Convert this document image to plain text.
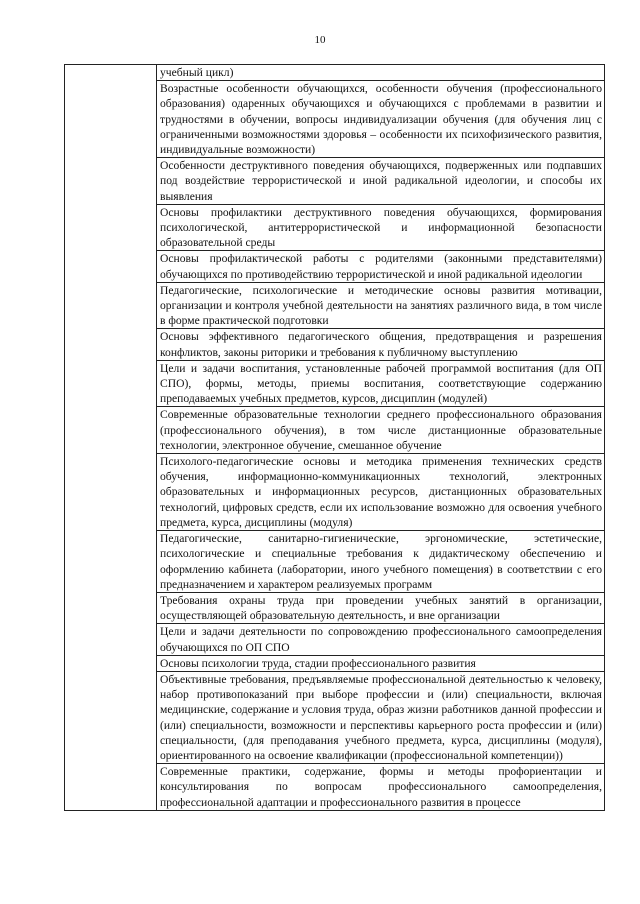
10
	учебный цикл)
Возрастные особенности обучающихся, особенности обучения (профессионального образования) одаренных обучающихся и обучающихся с проблемами в развитии и трудностями в обучении, вопросы индивидуализации обучения (для обучения лиц с ограниченными возможностями здоровья – особенности их психофизического развития, индивидуальные возможности)
Особенности деструктивного поведения обучающихся, подверженных или подпавших под воздействие террористической и иной радикальной идеологии, и способы их выявления
Основы профилактики деструктивного поведения обучающихся, формирования психологической, антитеррористической и информационной безопасности образовательной среды
Основы профилактической работы с родителями (законными представителями) обучающихся по противодействию террористической и иной радикальной идеологии
Педагогические, психологические и методические основы развития мотивации, организации и контроля учебной деятельности на занятиях различного вида, в том числе в форме практической подготовки
Основы эффективного педагогического общения, предотвращения и разрешения конфликтов, законы риторики и требования к публичному выступлению
Цели и задачи воспитания, установленные рабочей программой воспитания (для ОП СПО), формы, методы, приемы воспитания, соответствующие содержанию преподаваемых учебных предметов, курсов, дисциплин (модулей)
Современные образовательные технологии среднего профессионального образования (профессионального обучения), в том числе дистанционные образовательные технологии, электронное обучение, смешанное обучение
Психолого-педагогические основы и методика применения технических средств обучения, информационно-коммуникационных технологий, электронных образовательных и информационных ресурсов, дистанционных образовательных технологий, цифровых средств, если их использование возможно для освоения учебного предмета, курса, дисциплины (модуля)
Педагогические, санитарно-гигиенические, эргономические, эстетические, психологические и специальные требования к дидактическому обеспечению и оформлению кабинета (лаборатории, иного учебного помещения) в соответствии с его предназначением и характером реализуемых программ
Требования охраны труда при проведении учебных занятий в организации, осуществляющей образовательную деятельность, и вне организации
Цели и задачи деятельности по сопровождению профессионального самоопределения обучающихся по ОП СПО
Основы психологии труда, стадии профессионального развития
Объективные требования, предъявляемые профессиональной деятельностью к человеку, набор противопоказаний при выборе профессии и (или) специальности, включая медицинские, содержание и условия труда, образ жизни работников данной профессии и (или) специальности, возможности и перспективы карьерного роста профессии и (или) специальности, (для преподавания учебного предмета, курса, дисциплины (модуля), ориентированного на освоение квалификации (профессиональной компетенции))
Современные практики, содержание, формы и методы профориентации и консультирования по вопросам профессионального самоопределения, профессиональной адаптации и профессионального развития в процессе
